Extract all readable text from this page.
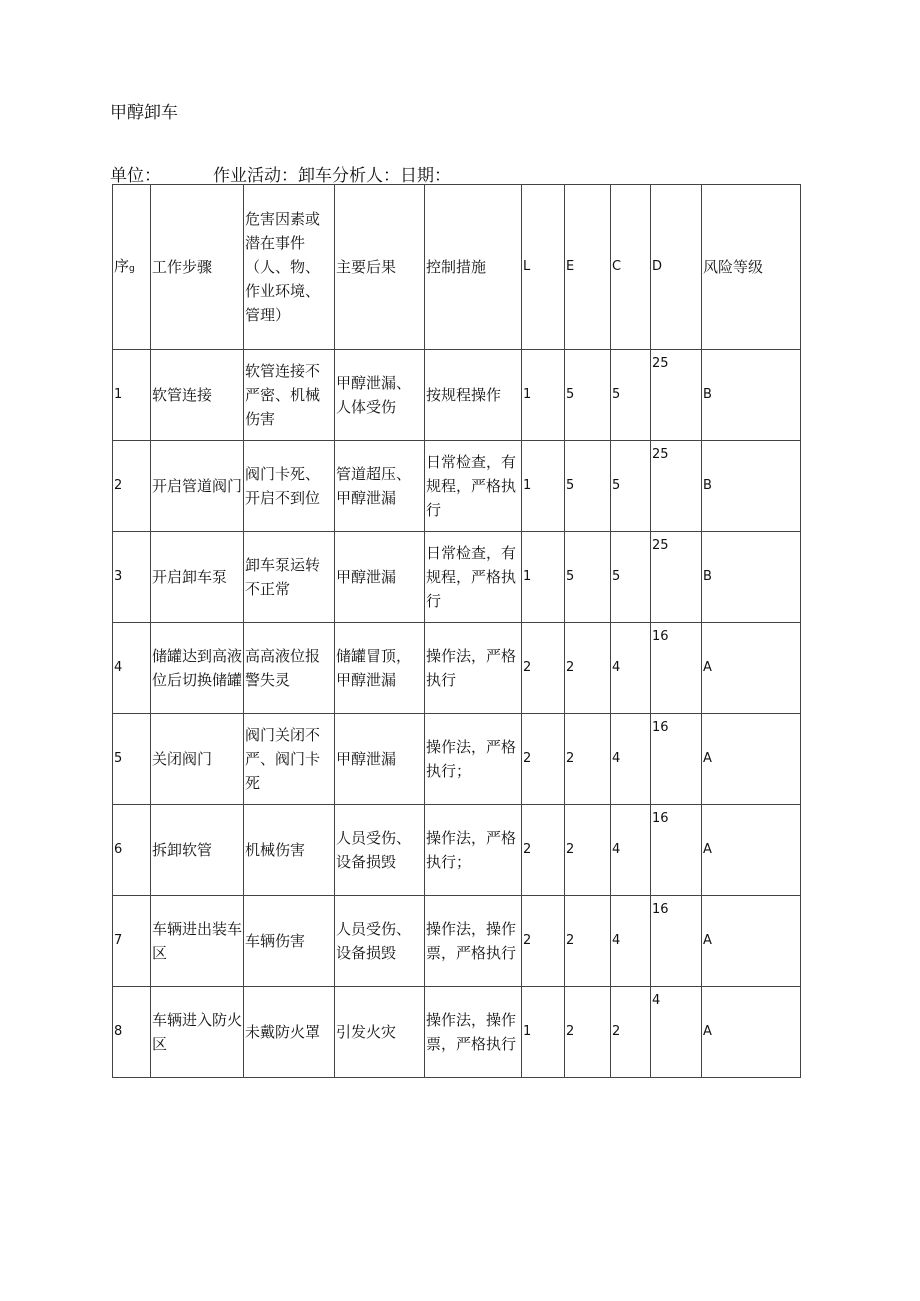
甲醇卸车
单位：	作业活动：卸车分析人：日期：
序g	工作步骤	危害因素或潜在事件（人、物、作业环境、管理）	主要后果	控制措施	L	E	C	D	风险等级
1	软管连接	软管连接不严密、机械伤害	甲醇泄漏、人体受伤	按规程操作	1	5	5	25	B
2	开启管道阀门	阀门卡死、开启不到位	管道超压、甲醇泄漏	日常检查，有规程，严格执行	1	5	5	25	B
3	开启卸车泵	卸车泵运转不正常	甲醇泄漏	日常检查，有规程，严格执行	1	5	5	25	B
4	储罐达到高液位后切换储罐	高高液位报警失灵	储罐冒顶，甲醇泄漏	操作法，严格执行	2	2	4	16	A
5	关闭阀门	阀门关闭不严、阀门卡死	甲醇泄漏	操作法，严格执行；	2	2	4	16	A
6	拆卸软管	机械伤害	人员受伤、设备损毁	操作法，严格执行；	2	2	4	16	A
7	车辆进出装车区	车辆伤害	人员受伤、设备损毁	操作法，操作票，严格执行	2	2	4	16	A
8	车辆进入防火区	未戴防火罩	引发火灾	操作法，操作票，严格执行	1	2	2	4	A
